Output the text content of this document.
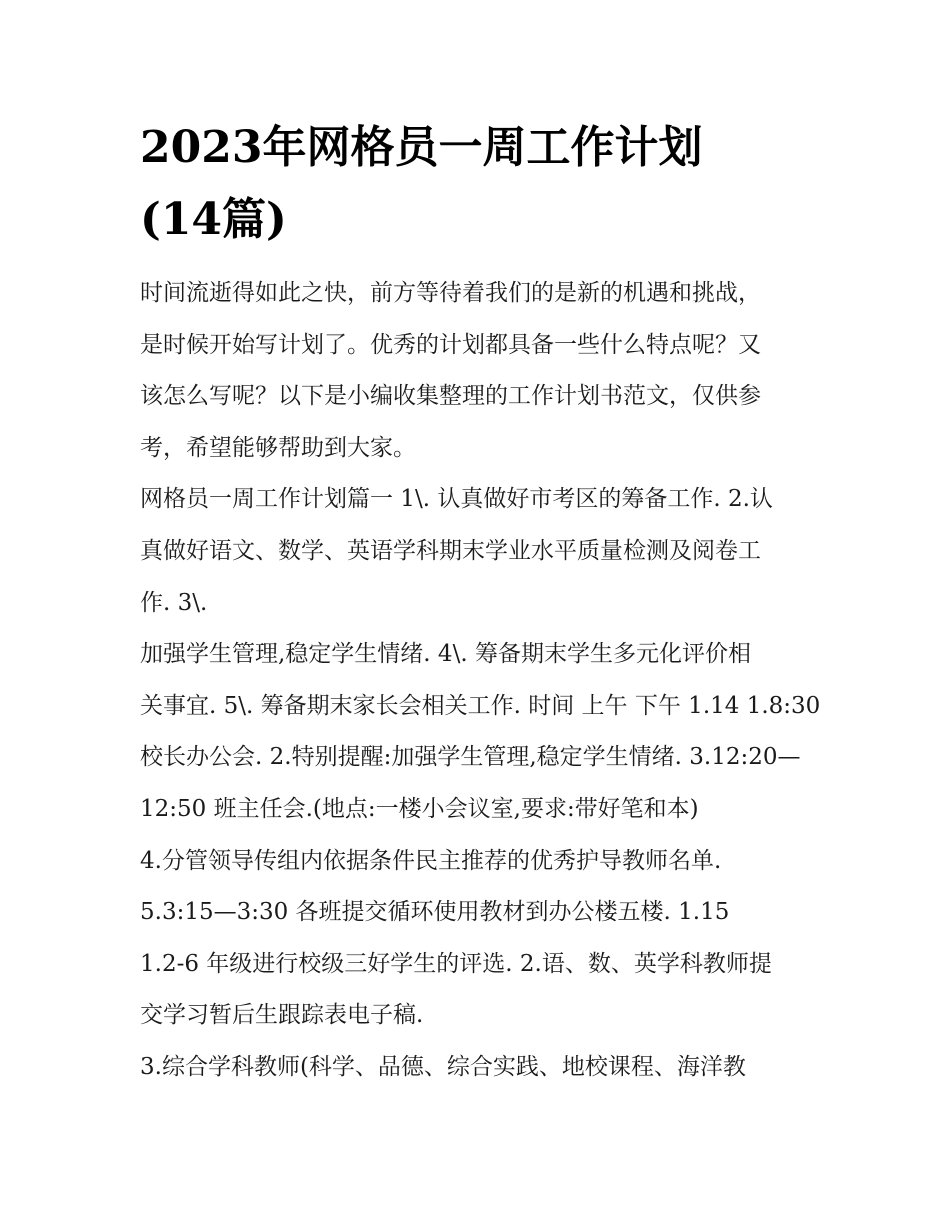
2023年网格员一周工作计划
(14篇)

时间流逝得如此之快，前方等待着我们的是新的机遇和挑战，
是时候开始写计划了。优秀的计划都具备一些什么特点呢？又
该怎么写呢？以下是小编收集整理的工作计划书范文，仅供参
考，希望能够帮助到大家。

网格员一周工作计划篇一 1\. 认真做好市考区的筹备工作. 2.认
真做好语文、数学、英语学科期末学业水平质量检测及阅卷工
作. 3\.

加强学生管理,稳定学生情绪. 4\. 筹备期末学生多元化评价相
关事宜. 5\. 筹备期末家长会相关工作. 时间 上午 下午 1.14 1.8:30
校长办公会. 2.特别提醒:加强学生管理,稳定学生情绪. 3.12:20—
12:50 班主任会.(地点:一楼小会议室,要求:带好笔和本)

4.分管领导传组内依据条件民主推荐的优秀护导教师名单.

5.3:15—3:30 各班提交循环使用教材到办公楼五楼. 1.15

1.2-6 年级进行校级三好学生的评选. 2.语、数、英学科教师提
交学习暂后生跟踪表电子稿.

3.综合学科教师(科学、品德、综合实践、地校课程、海洋教
